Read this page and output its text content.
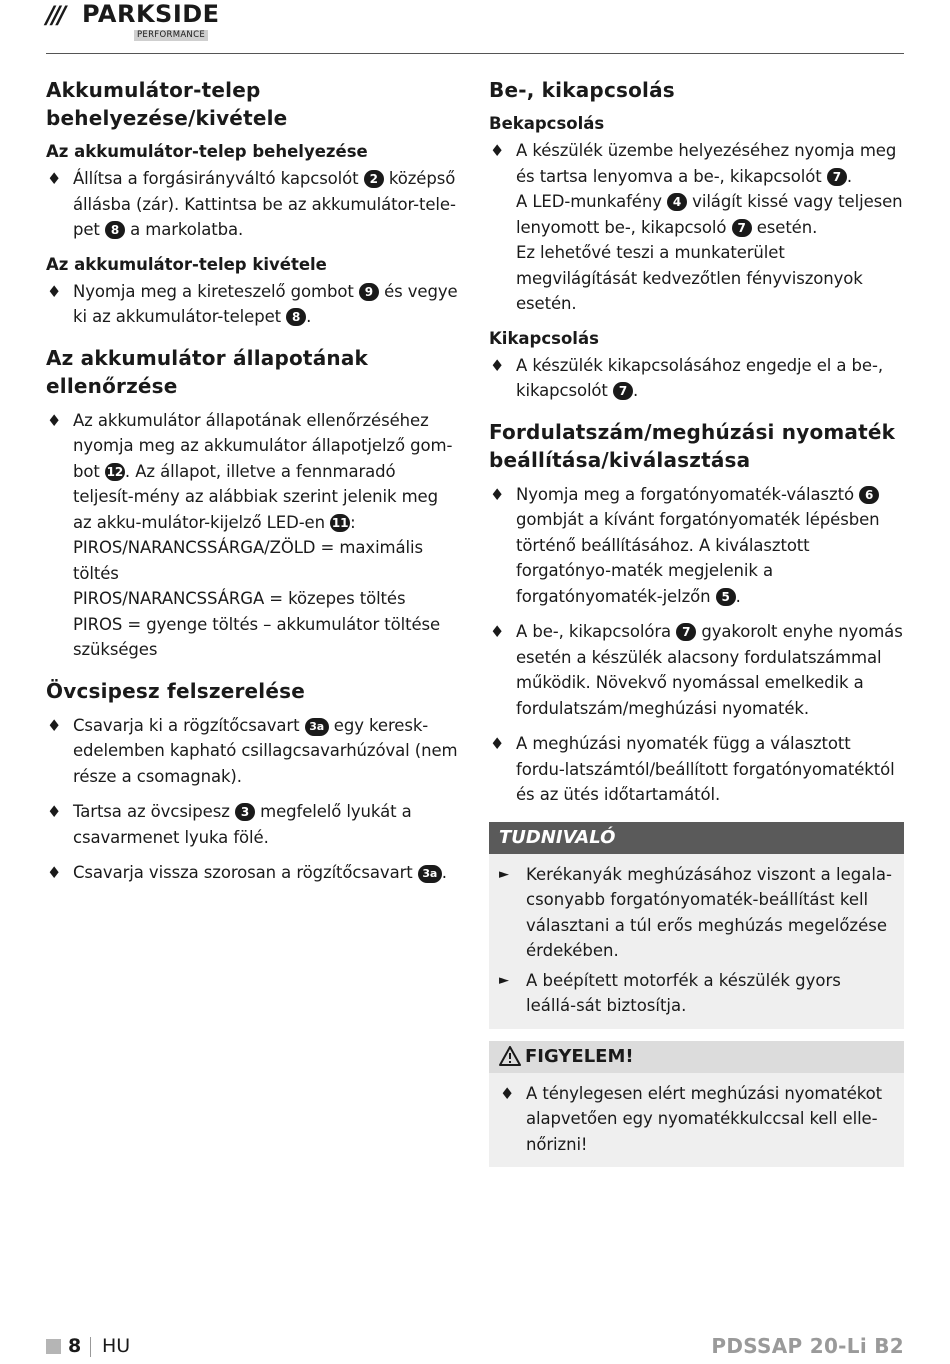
/// PARKSIDE
PERFORMANCE
Akkumulátor-telep behelyezése/kivétele
Az akkumulátor-telep behelyezése
♦ Állítsa a forgásirányváltó kapcsolót 2 középső állásba (zár). Kattintsa be az akkumulátor-tele-pet 8 a markolatba.
Az akkumulátor-telep kivétele
♦ Nyomja meg a kireteszelő gombot 9 és vegye ki az akkumulátor-telepet 8 .
Az akkumulátor állapotának ellenőrzése
♦ Az akkumulátor állapotának ellenőrzéséhez nyomja meg az akkumulátor állapotjelző gom-bot 12 . Az állapot, illetve a fennmaradó teljesít-mény az alábbiak szerint jelenik meg az akku-mulátor-kijelző LED-en 11 :
PIROS/NARANCSSÁRGA/ZÖLD = maximális töltés
PIROS/NARANCSSÁRGA = közepes töltés
PIROS = gyenge töltés – akkumulátor töltése szükséges
Övcsipesz felszerelése
♦ Csavarja ki a rögzítőcsavart 3a egy keresk-edelemben kapható csillagcsavarhúzóval (nem része a csomagnak).
♦ Tartsa az övcsipesz 3 megfelelő lyukát a csavarmenet lyuka fölé.
♦ Csavarja vissza szorosan a rögzítőcsavart 3a .
Be-, kikapcsolás
Bekapcsolás
♦ A készülék üzembe helyezéséhez nyomja meg és tartsa lenyomva a be-, kikapcsolót 7 .
A LED-munkafény 4 világít kissé vagy teljesen lenyomott be-, kikapcsoló 7 esetén.
Ez lehetővé teszi a munkaterület megvilágítását kedvezőtlen fényviszonyok esetén.
Kikapcsolás
♦ A készülék kikapcsolásához engedje el a be-, kikapcsolót 7 .
Fordulatszám/meghúzási nyomaték beállítása/kiválasztása
♦ Nyomja meg a forgatónyomaték-választó 6 gombját a kívánt forgatónyomaték lépésben történő beállításához. A kiválasztott forgatónyo-maték megjelenik a forgatónyomaték-jelzőn 5 .
♦ A be-, kikapcsolóra 7 gyakorolt enyhe nyomás esetén a készülék alacsony fordulatszámmal működik. Növekvő nyomással emelkedik a fordulatszám/meghúzási nyomaték.
♦ A meghúzási nyomaték függ a választott fordu-latszámtól/beállított forgatónyomatéktól és az ütés időtartamától.
TUDNIVALÓ
► Kerékanyák meghúzásához viszont a legala-csonyabb forgatónyomaték-beállítást kell választani a túl erős meghúzás megelőzése érdekében.
► A beépített motorfék a készülék gyors leállá-sát biztosítja.
FIGYELEM!
♦ A ténylegesen elért meghúzási nyomatékot alapvetően egy nyomatékkulccsal kell elle-nőrizni!
8 HU	PDSSAP 20-Li B2
